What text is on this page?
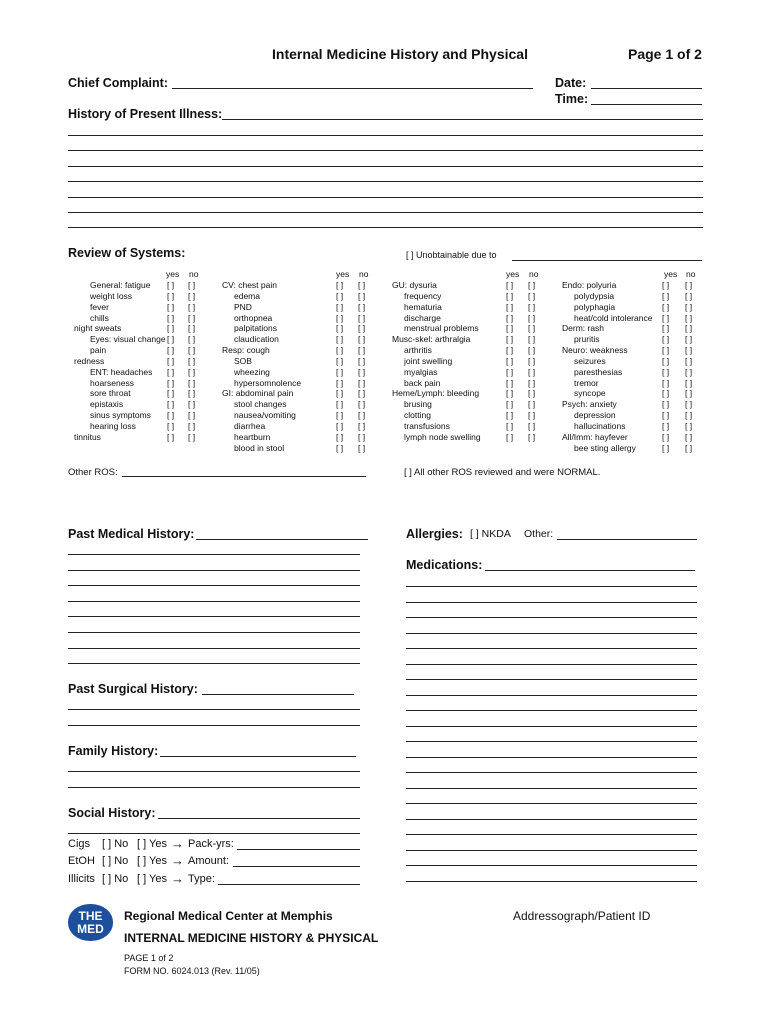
Internal Medicine History and Physical	Page 1 of 2
Chief Complaint:	Date:
Time:
History of Present Illness:
Review of Systems:	[ ] Unobtainable due to
yes no	yes no	yes no	yes no
General: fatigue [ ] [ ]
weight loss	[ ] [ ]
fever	[ ] [ ]
chills	[ ] [ ]
night sweats	[ ] [ ]
Eyes: visual change [ ] [ ]
pain	[ ] [ ]
redness	[ ] [ ]
ENT: headaches [ ] [ ]
hoarseness	[ ] [ ]
sore throat	[ ] [ ]
epistaxis	[ ] [ ]
sinus symptoms [ ] [ ]
hearing loss	[ ] [ ]
tinnitus	[ ] [ ]
CV: chest pain	[ ] [ ]
edema	[ ] [ ]
PND	[ ] [ ]
orthopnea	[ ] [ ]
palpitations	[ ] [ ]
claudication	[ ] [ ]
Resp: cough	[ ] [ ]
SOB	[ ] [ ]
wheezing	[ ] [ ]
hypersomnolence	[ ] [ ]
GI: abdominal pain	[ ] [ ]
stool changes	[ ] [ ]
nausea/vomiting	[ ] [ ]
diarrhea	[ ] [ ]
heartburn	[ ] [ ]
blood in stool	[ ] [ ]
GU: dysuria	[ ] [ ]
frequency	[ ] [ ]
hematuria	[ ] [ ]
discharge	[ ] [ ]
menstrual problems	[ ] [ ]
Musc-skel: arthralgia	[ ] [ ]
arthritis	[ ] [ ]
joint swelling	[ ] [ ]
myalgias	[ ] [ ]
back pain	[ ] [ ]
Heme/Lymph: bleeding	[ ] [ ]
brusing	[ ] [ ]
clotting	[ ] [ ]
transfusions	[ ] [ ]
lymph node swelling	[ ] [ ]
Endo: polyuria	[ ] [ ]
polydypsia	[ ] [ ]
polyphagia	[ ] [ ]
heat/cold intolerance [ ] [ ]
Derm: rash	[ ] [ ]
pruritis	[ ] [ ]
Neuro: weakness	[ ] [ ]
seizures	[ ] [ ]
paresthesias	[ ] [ ]
tremor	[ ] [ ]
syncope	[ ] [ ]
Psych: anxiety	[ ] [ ]
depression	[ ] [ ]
hallucinations	[ ] [ ]
All/Imm: hayfever	[ ] [ ]
bee sting allergy	[ ] [ ]
Other ROS:	[ ] All other ROS reviewed and were NORMAL.
Past Medical History:
Past Surgical History:
Family History:
Social History:
Cigs [ ] No [ ] Yes → Pack-yrs:
EtOH [ ] No [ ] Yes → Amount:
Illicits [ ] No [ ] Yes → Type:
Allergies: [ ] NKDA Other:
Medications:
THE
MED
Regional Medical Center at Memphis
INTERNAL MEDICINE HISTORY & PHYSICAL
PAGE 1 of 2
FORM NO. 6024.013 (Rev. 11/05)
Addressograph/Patient ID
